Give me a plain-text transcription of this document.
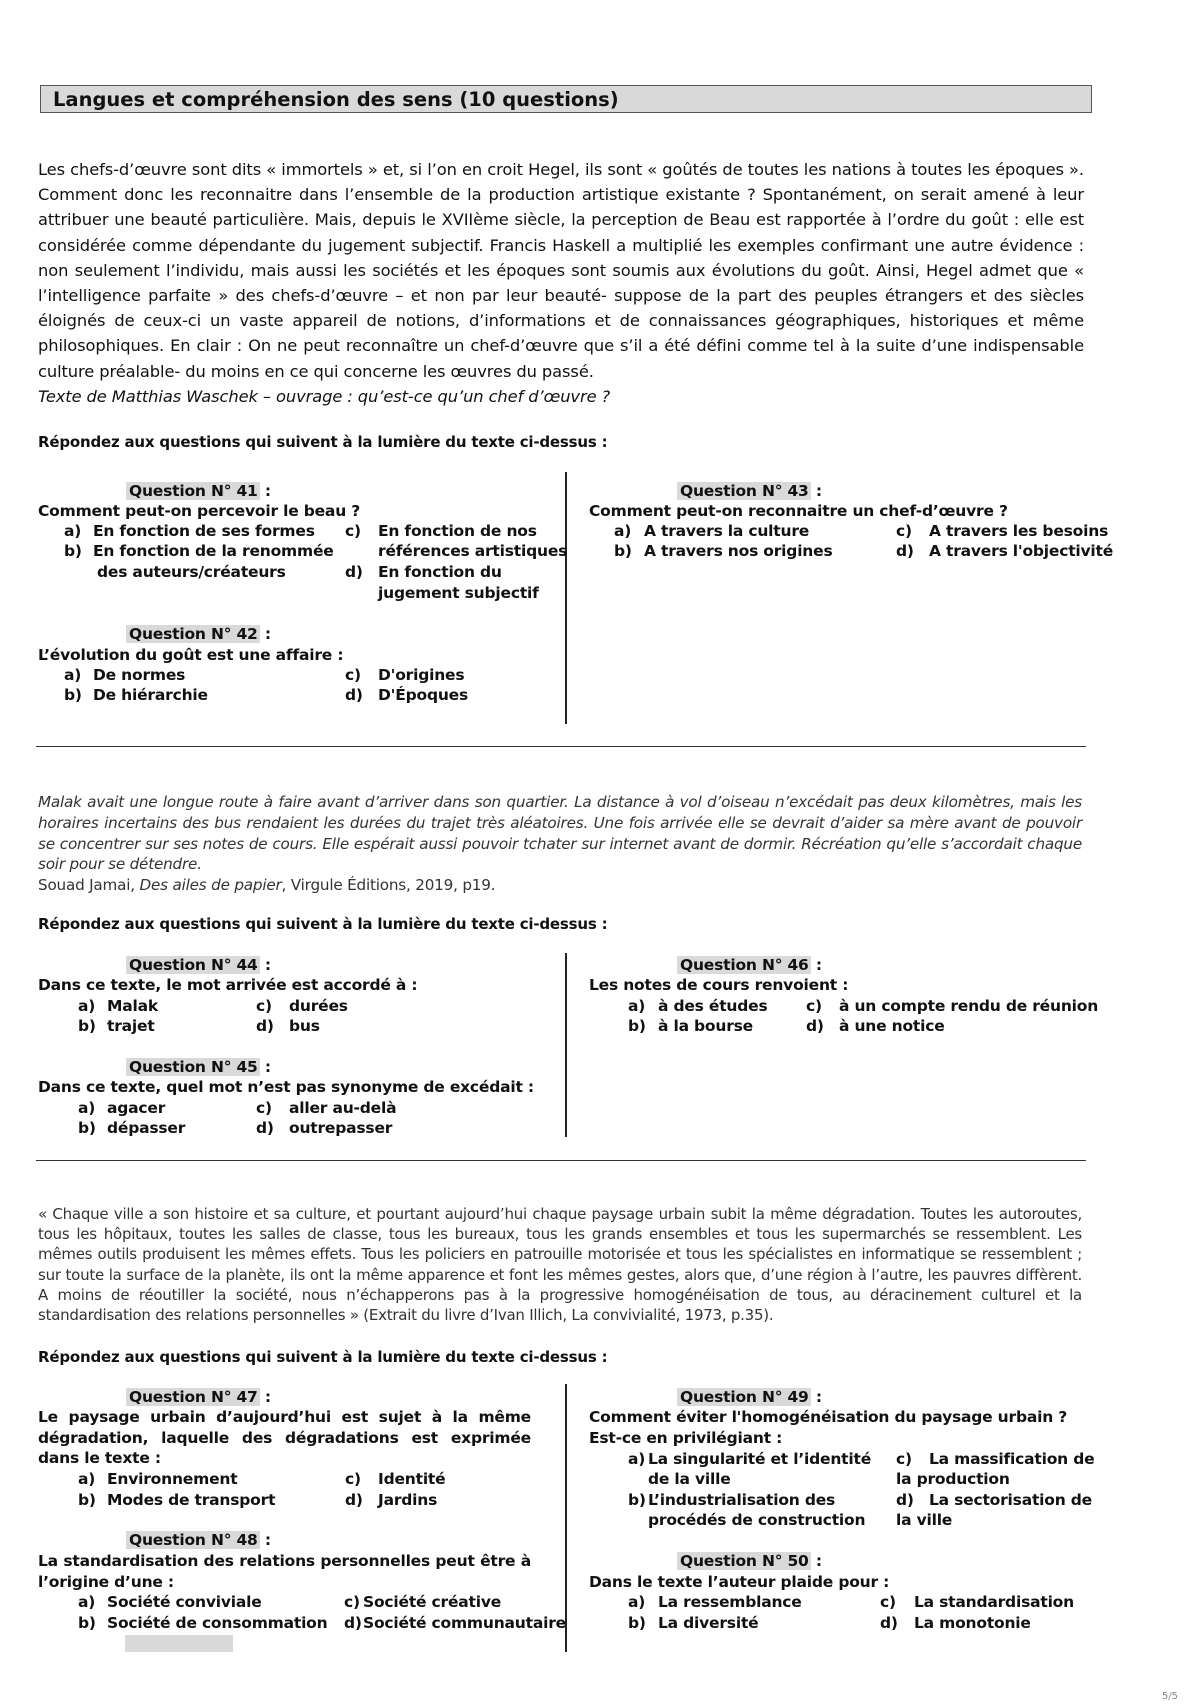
Langues et compréhension des sens (10 questions)
Les chefs-d’œuvre sont dits « immortels » et, si l’on en croit Hegel, ils sont « goûtés de toutes les nations à toutes les époques ». Comment donc les reconnaitre dans l’ensemble de la production artistique existante ? Spontanément, on serait amené à leur attribuer une beauté particulière. Mais, depuis le XVIIème siècle, la perception de Beau est rapportée à l’ordre du goût : elle est considérée comme dépendante du jugement subjectif. Francis Haskell a multiplié les exemples confirmant une autre évidence : non seulement l’individu, mais aussi les sociétés et les époques sont soumis aux évolutions du goût. Ainsi, Hegel admet que « l’intelligence parfaite » des chefs-d’œuvre – et non par leur beauté- suppose de la part des peuples étrangers et des siècles éloignés de ceux-ci un vaste appareil de notions, d’informations et de connaissances géographiques, historiques et même philosophiques. En clair : On ne peut reconnaître un chef-d’œuvre que s’il a été défini comme tel à la suite d’une indispensable culture préalable- du moins en ce qui concerne les œuvres du passé.
Texte de Matthias Waschek – ouvrage : qu’est-ce qu’un chef d’œuvre ?
Répondez aux questions qui suivent à la lumière du texte ci-dessus :
Question N° 41 :
Comment peut-on percevoir le beau ?
a) En fonction de ses formes
b) En fonction de la renommée
des auteurs/créateurs
c) En fonction de nos
références artistiques
d) En fonction du
jugement subjectif
Question N° 42 :
L’évolution du goût est une affaire :
a) De normes
b) De hiérarchie
c) D'origines
d) D'Époques
Question N° 43 :
Comment peut-on reconnaitre un chef-d’œuvre ?
a) A travers la culture
b) A travers nos origines
c) A travers les besoins
d) A travers l'objectivité
Malak avait une longue route à faire avant d’arriver dans son quartier. La distance à vol d’oiseau n’excédait pas deux kilomètres, mais les horaires incertains des bus rendaient les durées du trajet très aléatoires. Une fois arrivée elle se devrait d’aider sa mère avant de pouvoir se concentrer sur ses notes de cours. Elle espérait aussi pouvoir tchater sur internet avant de dormir. Récréation qu’elle s’accordait chaque soir pour se détendre.
Souad Jamai, Des ailes de papier, Virgule Éditions, 2019, p19.
Répondez aux questions qui suivent à la lumière du texte ci-dessus :
Question N° 44 :
Dans ce texte, le mot arrivée est accordé à :
a) Malak
b) trajet
c) durées
d) bus
Question N° 45 :
Dans ce texte, quel mot n’est pas synonyme de excédait :
a) agacer
b) dépasser
c) aller au-delà
d) outrepasser
Question N° 46 :
Les notes de cours renvoient :
a) à des études
b) à la bourse
c) à un compte rendu de réunion
d) à une notice
« Chaque ville a son histoire et sa culture, et pourtant aujourd’hui chaque paysage urbain subit la même dégradation. Toutes les autoroutes, tous les hôpitaux, toutes les salles de classe, tous les bureaux, tous les grands ensembles et tous les supermarchés se ressemblent. Les mêmes outils produisent les mêmes effets. Tous les policiers en patrouille motorisée et tous les spécialistes en informatique se ressemblent ; sur toute la surface de la planète, ils ont la même apparence et font les mêmes gestes, alors que, d’une région à l’autre, les pauvres diffèrent. A moins de réoutiller la société, nous n’échapperons pas à la progressive homogénéisation de tous, au déracinement culturel et la standardisation des relations personnelles » (Extrait du livre d’Ivan Illich, La convivialité, 1973, p.35).
Répondez aux questions qui suivent à la lumière du texte ci-dessus :
Question N° 47 :
Le paysage urbain d’aujourd’hui est sujet à la même dégradation, laquelle des dégradations est exprimée dans le texte :
a) Environnement
b) Modes de transport
c) Identité
d) Jardins
Question N° 48 :
La standardisation des relations personnelles peut être à l’origine d’une :
a) Société conviviale
b) Société de consommation
c) Société créative
d) Société communautaire
Question N° 49 :
Comment éviter l'homogénéisation du paysage urbain ? Est-ce en privilégiant :
a) La singularité et l’identité
de la ville
b) L’industrialisation des
procédés de construction
c) La massification de
la production
d) La sectorisation de
la ville
Question N° 50 :
Dans le texte l’auteur plaide pour :
a) La ressemblance
b) La diversité
c) La standardisation
d) La monotonie
5/5
